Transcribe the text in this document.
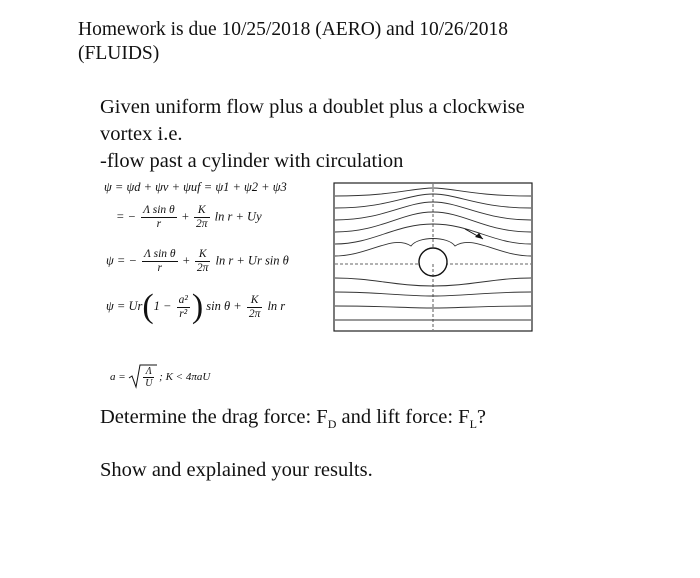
Homework is due 10/25/2018 (AERO) and 10/26/2018
(FLUIDS)
Given uniform flow plus a doublet plus a clockwise
vortex i.e.
-flow past a cylinder with circulation
ψ = ψd + ψv + ψuf = ψ1 + ψ2 + ψ3
= − $\frac{\text{Λ sin θ}}{r} + \frac{K}{2\pi}$ ln r + Uy
ψ = − $\frac{\text{Λ sin θ}}{r} + \frac{K}{2\pi}$ ln r + Ur sin θ
$\psi = Ur(1 - \frac{\text{a²}}{\text{r²}}$ ) $\sin \theta + \frac{K}{2\pi}$ ln r
$a = \frac{\Lambda}{U}$ ; K < 4πaU
Determine the drag force: $F_D$ and lift force: $F_L$?
Show and explained your results.
